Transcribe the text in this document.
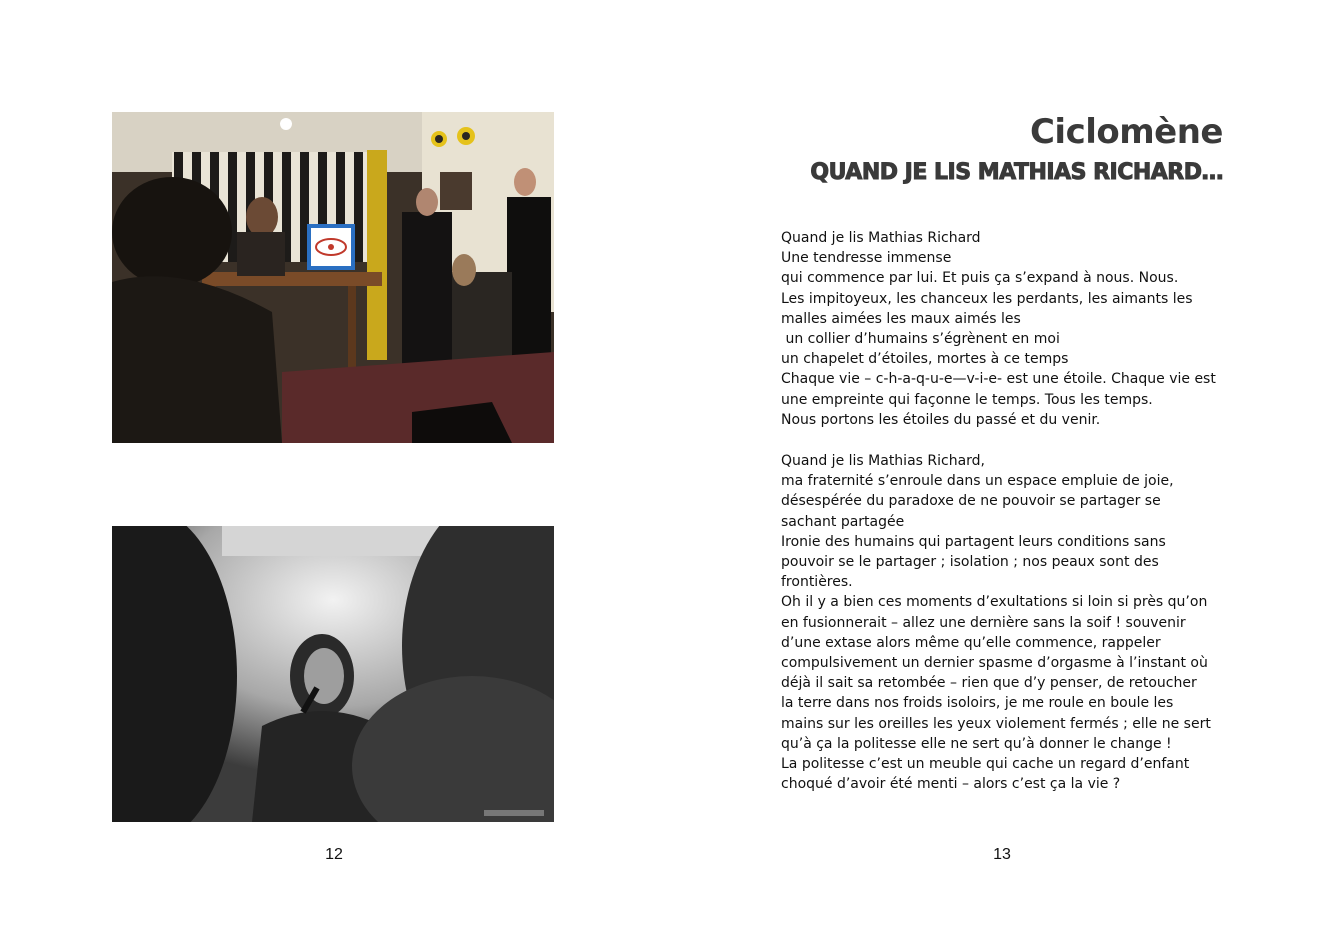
12
Ciclomène
QUAND JE LIS MATHIAS RICHARD…

Quand je lis Mathias Richard
Une tendresse immense
qui commence par lui. Et puis ça s’expand à nous. Nous.
Les impitoyeux, les chanceux les perdants, les aimants les
malles aimées les maux aimés les
un collier d’humains s’égrènent en moi
un chapelet d’étoiles, mortes à ce temps
Chaque vie – c-h-a-q-u-e—v-i-e- est une étoile. Chaque vie est
une empreinte qui façonne le temps. Tous les temps.
Nous portons les étoiles du passé et du venir.

Quand je lis Mathias Richard,
ma fraternité s’enroule dans un espace empluie de joie,
désespérée du paradoxe de ne pouvoir se partager se
sachant partagée
Ironie des humains qui partagent leurs conditions sans
pouvoir se le partager ; isolation ; nos peaux sont des
frontières.
Oh il y a bien ces moments d’exultations si loin si près qu’on
en fusionnerait – allez une dernière sans la soif ! souvenir
d’une extase alors même qu’elle commence, rappeler
compulsivement un dernier spasme d’orgasme à l’instant où
déjà il sait sa retombée – rien que d’y penser, de retoucher
la terre dans nos froids isoloirs, je me roule en boule les
mains sur les oreilles les yeux violement fermés ; elle ne sert
qu’à ça la politesse elle ne sert qu’à donner le change !
La politesse c’est un meuble qui cache un regard d’enfant
choqué d’avoir été menti – alors c’est ça la vie ?

13
